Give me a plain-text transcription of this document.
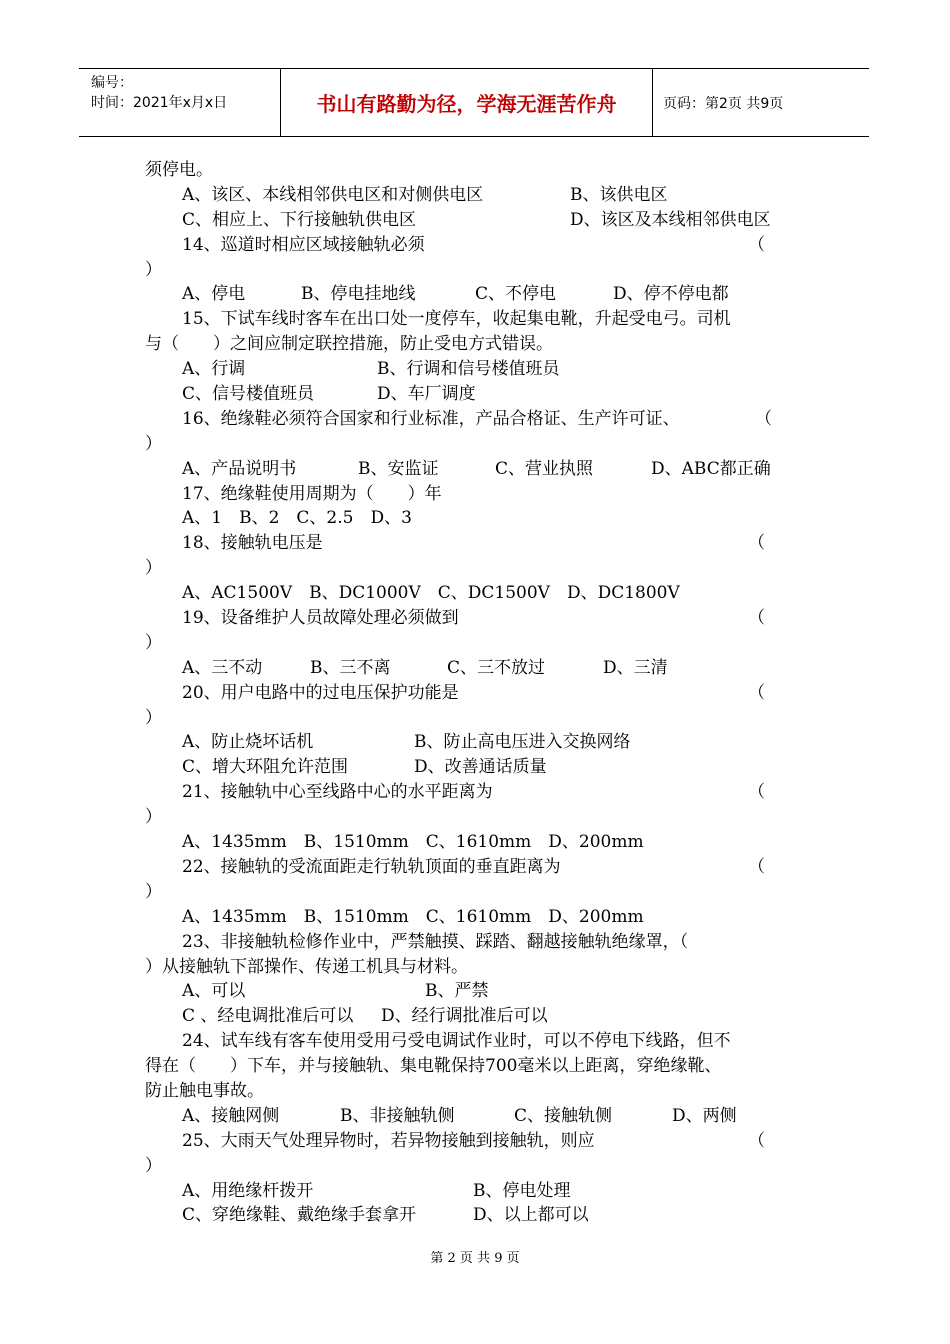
编号：
时间：2021年x月x日	书山有路勤为径，学海无涯苦作舟	页码：第2页 共9页
须停电。
A、该区、本线相邻供电区和对侧供电区	B、该供电区
C、相应上、下行接触轨供电区	D、该区及本线相邻供电区
14、巡道时相应区域接触轨必须	（
）
A、停电	B、停电挂地线	C、不停电	D、停不停电都
15、下试车线时客车在出口处一度停车，收起集电靴，升起受电弓。司机
与（　　）之间应制定联控措施，防止受电方式错误。
A、行调	B、行调和信号楼值班员
C、信号楼值班员	D、车厂调度
16、绝缘鞋必须符合国家和行业标准，产品合格证、生产许可证、	（
）
A、产品说明书	B、安监证	C、营业执照	D、ABC都正确
17、绝缘鞋使用周期为（　　）年
A、1　B、2　C、2.5　D、3
18、接触轨电压是	（
）
A、AC1500V　B、DC1000V　C、DC1500V　D、DC1800V
19、设备维护人员故障处理必须做到	（
）
A、三不动	B、三不离	C、三不放过	D、三清
20、用户电路中的过电压保护功能是	（
）
A、防止烧坏话机	B、防止高电压进入交换网络
C、增大环阻允许范围	D、改善通话质量
21、接触轨中心至线路中心的水平距离为	（
）
A、1435mm　B、1510mm　C、1610mm　D、200mm
22、接触轨的受流面距走行轨轨顶面的垂直距离为	（
）
A、1435mm　B、1510mm　C、1610mm　D、200mm
23、非接触轨检修作业中，严禁触摸、踩踏、翻越接触轨绝缘罩，（
）从接触轨下部操作、传递工机具与材料。
A、可以	B、严禁
C 、经电调批准后可以 D、经行调批准后可以
24、试车线有客车使用受用弓受电调试作业时，可以不停电下线路，但不
得在（　　）下车，并与接触轨、集电靴保持700毫米以上距离，穿绝缘靴、
防止触电事故。
A、接触网侧	B、非接触轨侧	C、接触轨侧	D、两侧
25、大雨天气处理异物时，若异物接触到接触轨，则应	（
）
A、用绝缘杆拨开	B、停电处理
C、穿绝缘鞋、戴绝缘手套拿开	D、以上都可以
第 2 页 共 9 页
